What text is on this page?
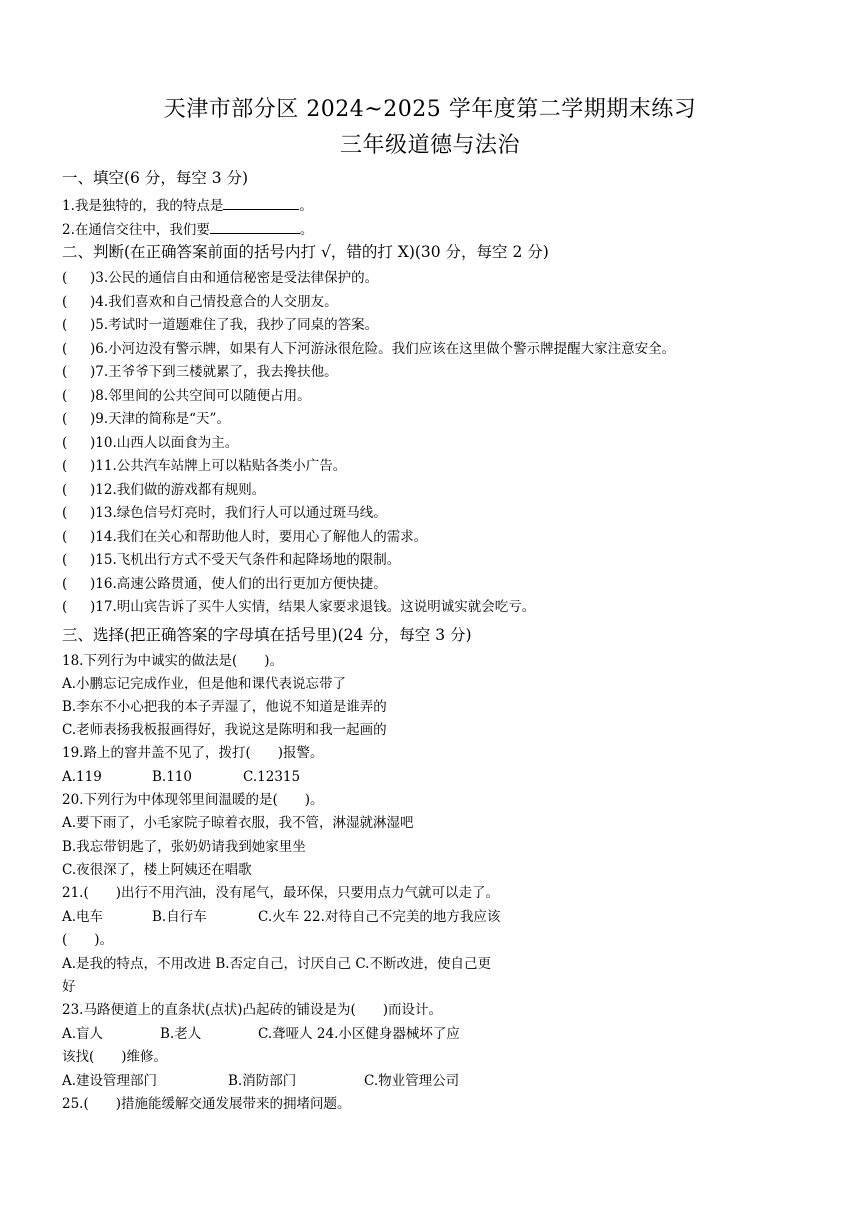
天津市部分区 2024~2025 学年度第二学期期末练习
三年级道德与法治
一、填空(6 分，每空 3 分)
1.我是独特的，我的特点是	。
2.在通信交往中，我们要	。
二、判断(在正确答案前面的括号内打 √，错的打 X)(30 分，每空 2 分)
( )3.公民的通信自由和通信秘密是受法律保护的。
( )4.我们喜欢和自己情投意合的人交朋友。
( )5.考试时一道题难住了我，我抄了同桌的答案。
( )6.小河边没有警示牌，如果有人下河游泳很危险。我们应该在这里做个警示牌提醒大家注意安全。
( )7.王爷爷下到三楼就累了，我去搀扶他。
( )8.邻里间的公共空间可以随便占用。
( )9.天津的简称是“天”。
( )10.山西人以面食为主。
( )11.公共汽车站牌上可以粘贴各类小广告。
( )12.我们做的游戏都有规则。
( )13.绿色信号灯亮时，我们行人可以通过斑马线。
( )14.我们在关心和帮助他人时，要用心了解他人的需求。
( )15.飞机出行方式不受天气条件和起降场地的限制。
( )16.高速公路贯通，使人们的出行更加方便快捷。
( )17.明山宾告诉了买牛人实情，结果人家要求退钱。这说明诚实就会吃亏。
三、选择(把正确答案的字母填在括号里)(24 分，每空 3 分)
18.下列行为中诚实的做法是(　　)。
A.小鹏忘记完成作业，但是他和课代表说忘带了
B.李东不小心把我的本子弄湿了，他说不知道是谁弄的
C.老师表扬我板报画得好，我说这是陈明和我一起画的
19.路上的窨井盖不见了，拨打(　　)报警。
A.119	B.110	C.12315
20.下列行为中体现邻里间温暖的是(　　)。
A.要下雨了，小毛家院子晾着衣服，我不管，淋湿就淋湿吧
B.我忘带钥匙了，张奶奶请我到她家里坐
C.夜很深了，楼上阿姨还在唱歌
21.(　　)出行不用汽油，没有尾气，最环保，只要用点力气就可以走了。
A.电车	B.自行车	C.火车 22.对待自己不完美的地方我应该
(　　)。
A.是我的特点，不用改进 B.否定自己，讨厌自己 C.不断改进，使自己更
好
23.马路便道上的直条状(点状)凸起砖的铺设是为(　　)而设计。
A.盲人	B.老人	C.聋哑人 24.小区健身器械坏了应
该找(　　)维修。
A.建设管理部门	B.消防部门	C.物业管理公司
25.(　　)措施能缓解交通发展带来的拥堵问题。
